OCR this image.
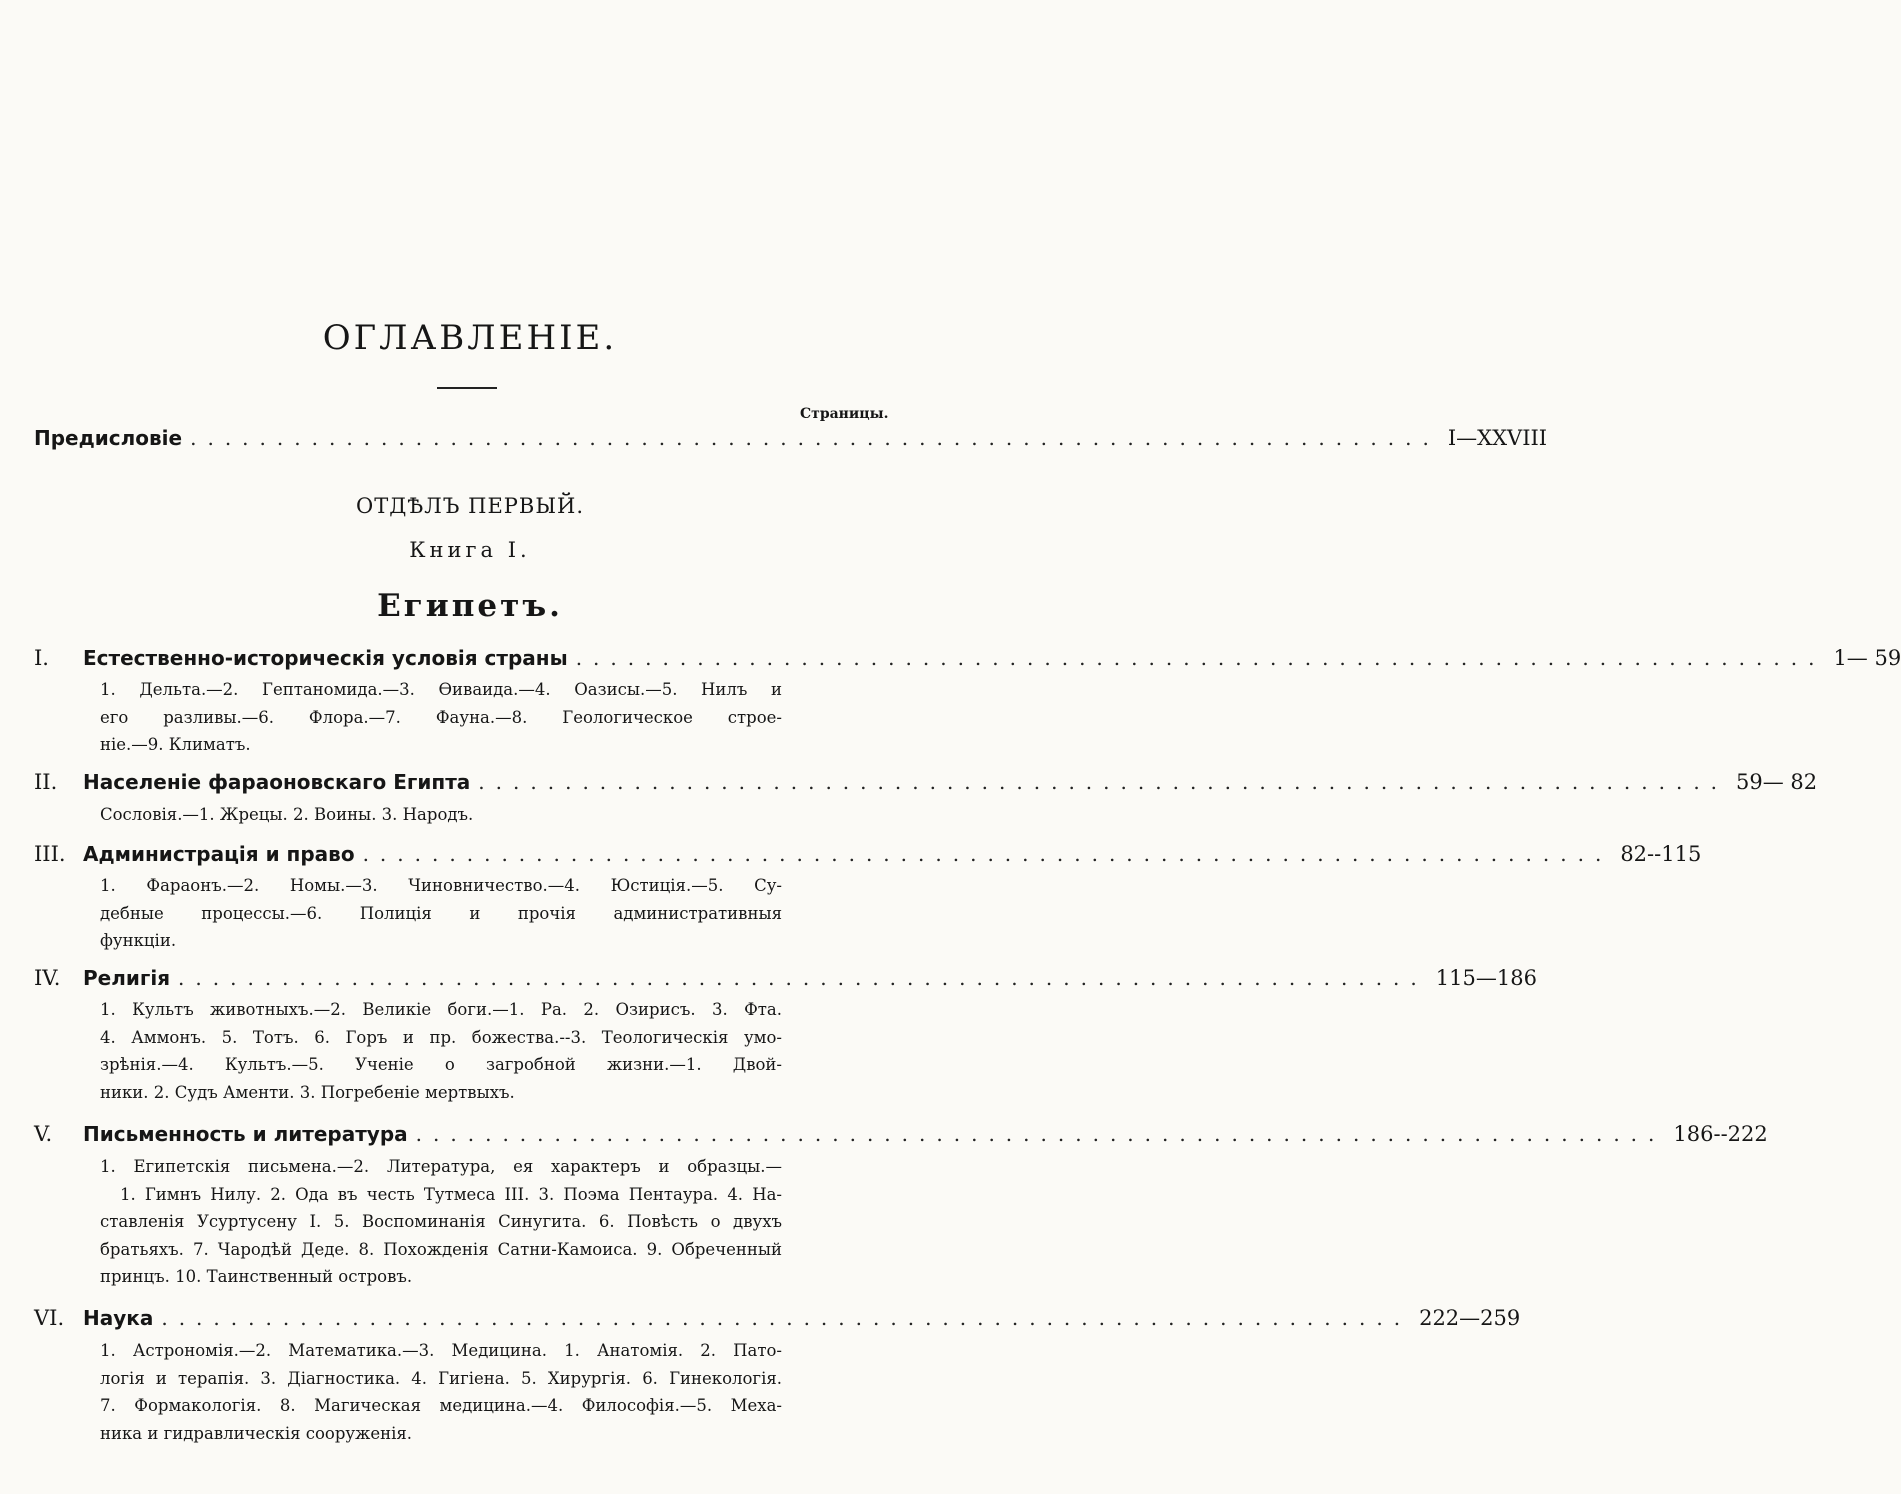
ОГЛАВЛЕНІЕ.
Страницы.
Предисловіе ........................................................................ I—XXVIII
ОТДѢЛЪ ПЕРВЫЙ.
Книга I.
Египетъ.
I.	Естественно-историческія условія страны ........................................................................ 1— 59
1. Дельта.—2. Гептаномида.—3. Ѳиваида.—4. Оазисы.—5. Нилъ и
его разливы.—6. Флора.—7. Фауна.—8. Геологическое строе-
ніе.—9. Климатъ.
II.	Населеніе фараоновскаго Египта ........................................................................ 59— 82
Сословія.—1. Жрецы. 2. Воины. 3. Народъ.
III. Администрація и право ........................................................................ 82--115
1. Фараонъ.—2. Номы.—3. Чиновничество.—4. Юстиція.—5. Су-
дебные процессы.—6. Полиція и прочія административныя
функціи.
IV.	Религія ........................................................................ 115—186
1. Культъ животныхъ.—2. Великіе боги.—1. Ра. 2. Озирисъ. 3. Фта.
4. Аммонъ. 5. Тотъ. 6. Горъ и пр. божества.--3. Теологическія умо-
зрѣнія.—4. Культъ.—5. Ученіе о загробной жизни.—1. Двой-
ники. 2. Судъ Аменти. 3. Погребеніе мертвыхъ.
V.	Письменность и литература ........................................................................ 186--222
1. Египетскія письмена.—2. Литература, ея характеръ и образцы.—
1. Гимнъ Нилу. 2. Ода въ честь Тутмеса III. 3. Поэма Пентаура. 4. На-
ставленія Усуртусену I. 5. Воспоминанія Синугита. 6. Повѣсть о двухъ
братьяхъ. 7. Чародѣй Деде. 8. Похожденія Сатни-Камоиса. 9. Обреченный
принцъ. 10. Таинственный островъ.
VI. Наука ........................................................................ 222—259
1. Астрономія.—2. Математика.—3. Медицина. 1. Анатомія. 2. Пато-
логія и терапія. 3. Діагностика. 4. Гигіена. 5. Хирургія. 6. Гинекологія.
7. Формакологія. 8. Магическая медицина.—4. Философія.—5. Меха-
ника и гидравлическія сооруженія.
